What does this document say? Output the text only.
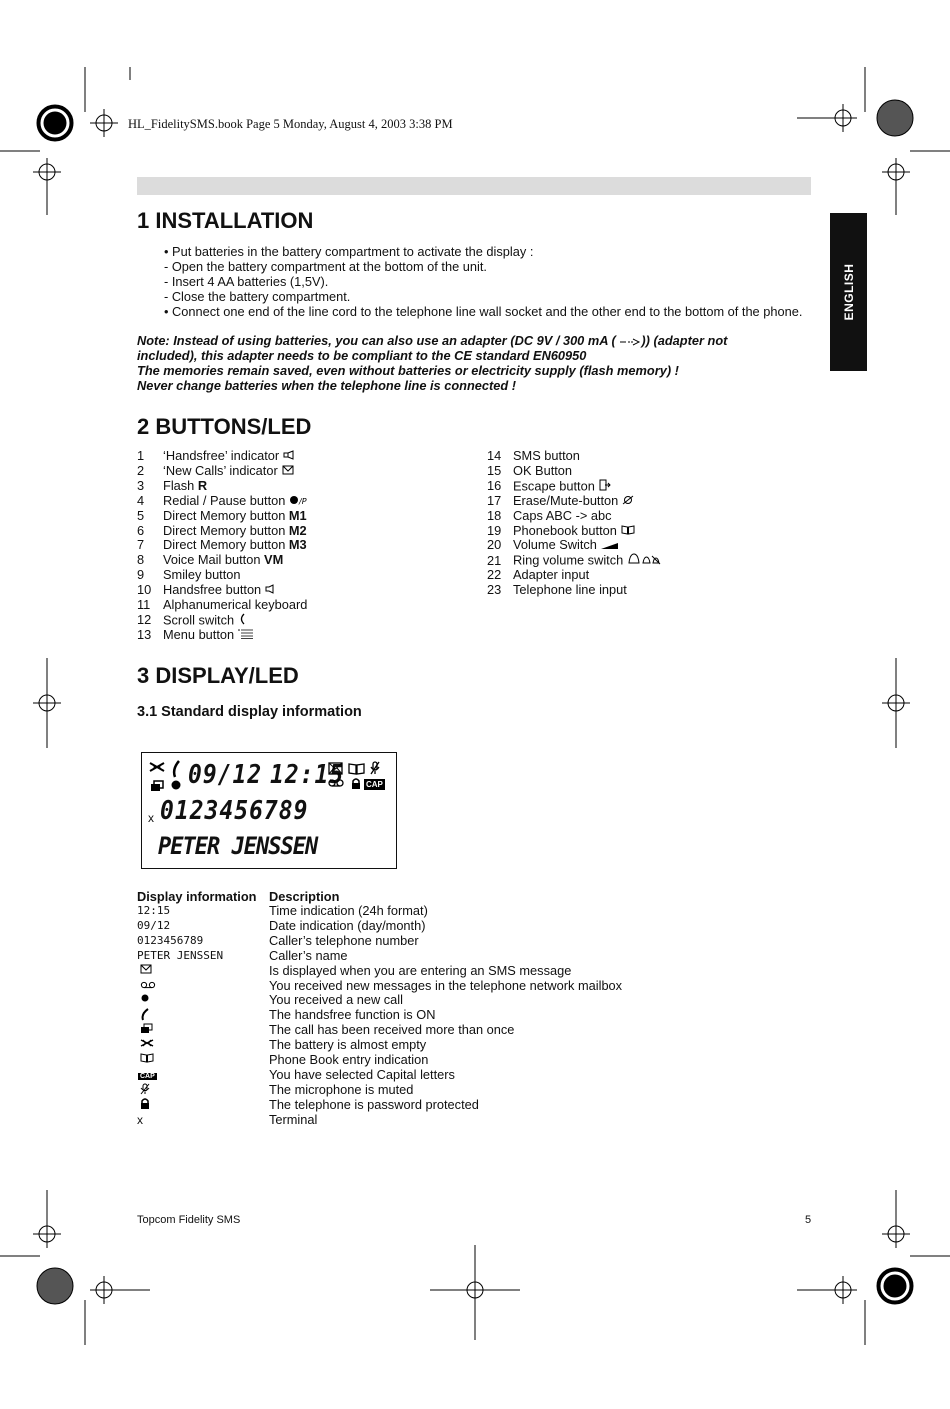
HL_FidelitySMS.book Page 5 Monday, August 4, 2003 3:38 PM
ENGLISH
1 INSTALLATION
• Put batteries in the battery compartment to activate the display :
- Open the battery compartment at the bottom of the unit.
- Insert 4 AA batteries (1,5V).
- Close the battery compartment.
• Connect one end of the line cord to the telephone line wall socket and the other end to the bottom of the phone.
Note: Instead of using batteries, you can also use an adapter (DC 9V / 300 mA ( )) (adapter not
included), this adapter needs to be compliant to the CE standard EN60950
The memories remain saved, even without batteries or electricity supply (flash memory) !
Never change batteries when the telephone line is connected !
2 BUTTONS/LED
1 ‘Handsfree’ indicator
2 ‘New Calls’ indicator
3 Flash R
4 Redial / Pause button /P
5 Direct Memory button M1
6 Direct Memory button M2
7 Direct Memory button M3
8 Voice Mail button VM
9 Smiley button
10 Handsfree button
11 Alphanumerical keyboard
12 Scroll switch
13 Menu button
14 SMS button
15 OK Button
16 Escape button
17 Erase/Mute-button
18 Caps ABC -> abc
19 Phonebook button
20 Volume Switch
21 Ring volume switch
22 Adapter input
23 Telephone line input
3 DISPLAY/LED
3.1 Standard display information
09/12 12:15	CAP
x 0123456789
PETER JENSSEN
Display information Description
12:15	Time indication (24h format)
09/12	Date indication (day/month)
0123456789	Caller’s telephone number
PETER JENSSEN	Caller’s name
Is displayed when you are entering an SMS message
You received new messages in the telephone network mailbox
You received a new call
The handsfree function is ON
The call has been received more than once
The battery is almost empty
Phone Book entry indication
CAP	You have selected Capital letters
The microphone is muted
The telephone is password protected
x	Terminal
Topcom Fidelity SMS	5
